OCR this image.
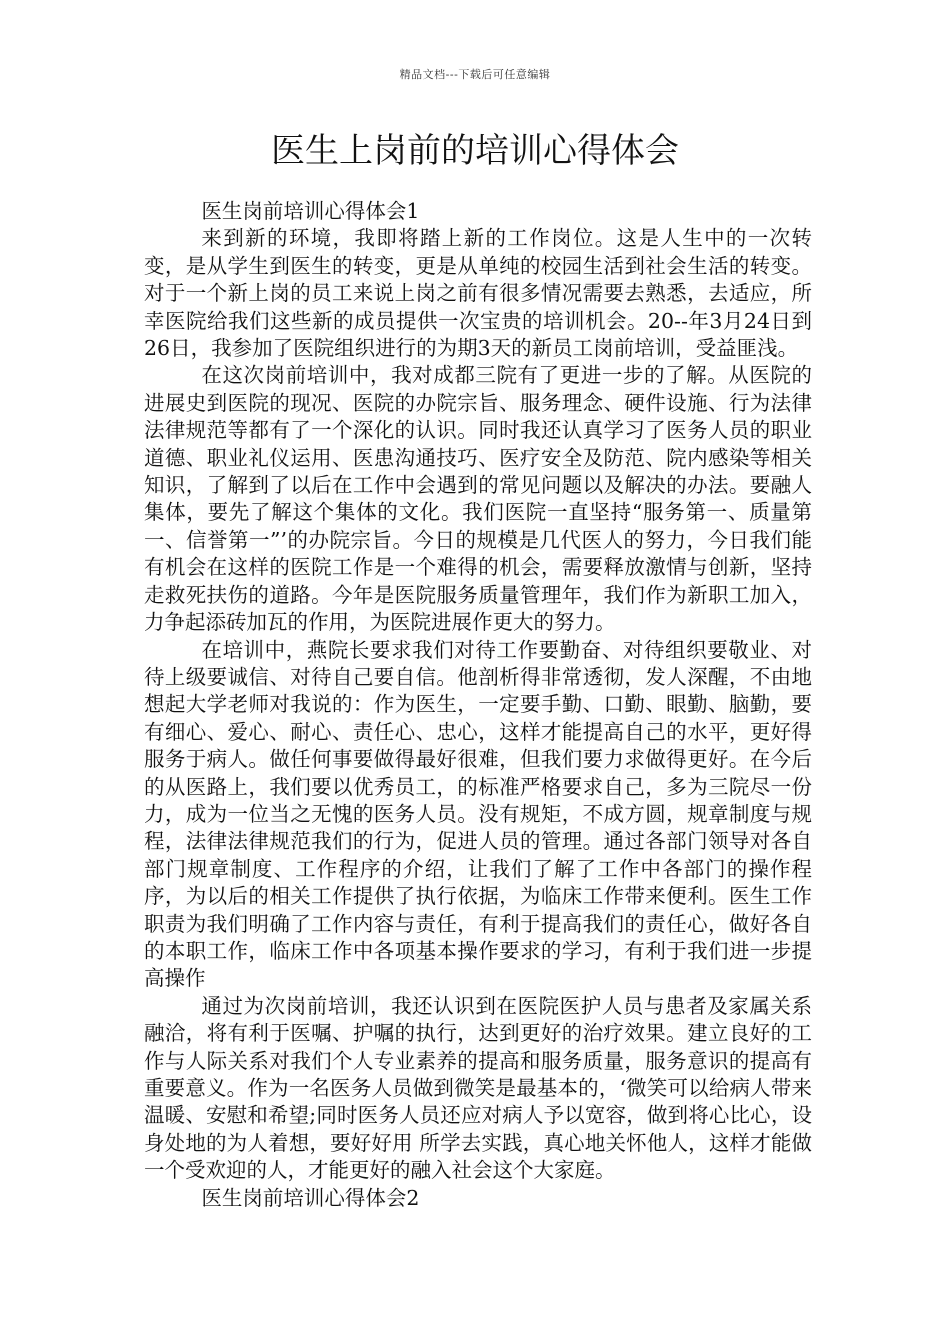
精品文档---下载后可任意编辑
医生上岗前的培训心得体会

医生岗前培训心得体会1

来到新的环境，我即将踏上新的工作岗位。这是人生中的一次转变，是从学生到医生的转变，更是从单纯的校园生活到社会生活的转变。对于一个新上岗的员工来说上岗之前有很多情况需要去熟悉，去适应，所幸医院给我们这些新的成员提供一次宝贵的培训机会。20--年3月24日到26日，我参加了医院组织进行的为期3天的新员工岗前培训，受益匪浅。

在这次岗前培训中，我对成都三院有了更进一步的了解。从医院的进展史到医院的现况、医院的办院宗旨、服务理念、硬件设施、行为法律法律规范等都有了一个深化的认识。同时我还认真学习了医务人员的职业道德、职业礼仪运用、医患沟通技巧、医疗安全及防范、院内感染等相关知识，了解到了以后在工作中会遇到的常见问题以及解决的办法。要融人集体，要先了解这个集体的文化。我们医院一直坚持“服务第一、质量第一、信誉第一”’的办院宗旨。今日的规模是几代医人的努力，今日我们能有机会在这样的医院工作是一个难得的机会，需要释放激情与创新，坚持走救死扶伤的道路。今年是医院服务质量管理年，我们作为新职工加入，力争起添砖加瓦的作用，为医院进展作更大的努力。

在培训中，燕院长要求我们对待工作要勤奋、对待组织要敬业、对待上级要诚信、对待自己要自信。他剖析得非常透彻，发人深醒，不由地想起大学老师对我说的：作为医生，一定要手勤、口勤、眼勤、脑勤，要有细心、爱心、耐心、责任心、忠心，这样才能提高自己的水平，更好得服务于病人。做任何事要做得最好很难，但我们要力求做得更好。在今后的从医路上，我们要以优秀员工，的标准严格要求自己，多为三院尽一份力，成为一位当之无愧的医务人员。没有规矩，不成方圆，规章制度与规程，法律法律规范我们的行为，促进人员的管理。通过各部门领导对各自部门规章制度、工作程序的介绍，让我们了解了工作中各部门的操作程序，为以后的相关工作提供了执行依据，为临床工作带来便利。医生工作职责为我们明确了工作内容与责任，有利于提高我们的责任心，做好各自的本职工作，临床工作中各项基本操作要求的学习，有利于我们进一步提高操作

通过为次岗前培训，我还认识到在医院医护人员与患者及家属关系融洽，将有利于医嘱、护嘱的执行，达到更好的治疗效果。建立良好的工作与人际关系对我们个人专业素养的提高和服务质量，服务意识的提高有重要意义。作为一名医务人员做到微笑是最基本的，‘微笑可以给病人带来温暖、安慰和希望;同时医务人员还应对病人予以宽容，做到将心比心，设身处地的为人着想，要好好用 所学去实践，真心地关怀他人，这样才能做一个受欢迎的人，才能更好的融入社会这个大家庭。

医生岗前培训心得体会2
